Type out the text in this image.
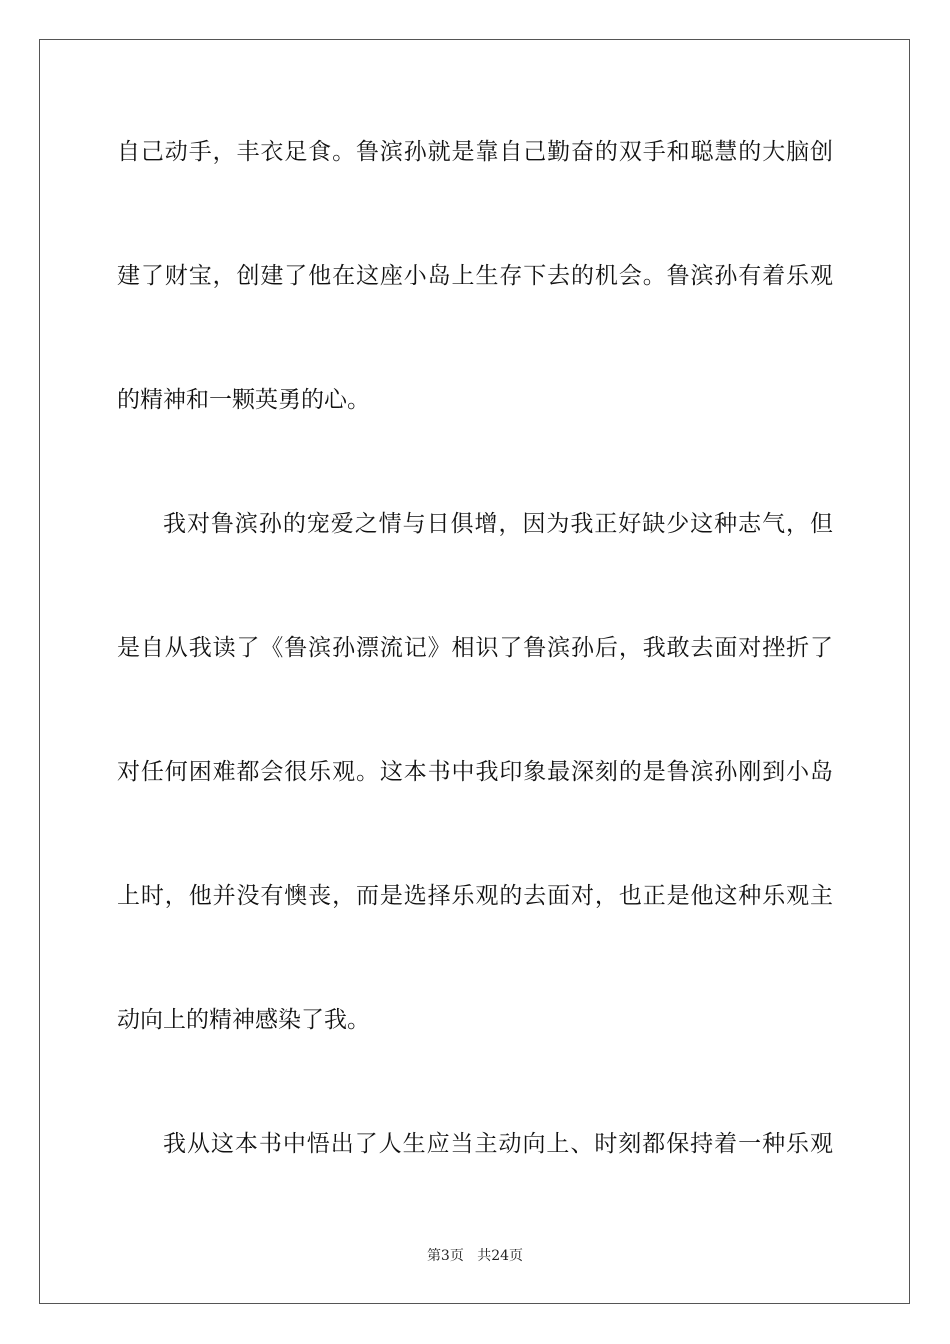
自己动手，丰衣足食。鲁滨孙就是靠自己勤奋的双手和聪慧的大脑创
建了财宝，创建了他在这座小岛上生存下去的机会。鲁滨孙有着乐观
的精神和一颗英勇的心。
我对鲁滨孙的宠爱之情与日俱增，因为我正好缺少这种志气，但
是自从我读了《鲁滨孙漂流记》相识了鲁滨孙后，我敢去面对挫折了
对任何困难都会很乐观。这本书中我印象最深刻的是鲁滨孙刚到小岛
上时，他并没有懊丧，而是选择乐观的去面对，也正是他这种乐观主
动向上的精神感染了我。
我从这本书中悟出了人生应当主动向上、时刻都保持着一种乐观
第3页 共24页
